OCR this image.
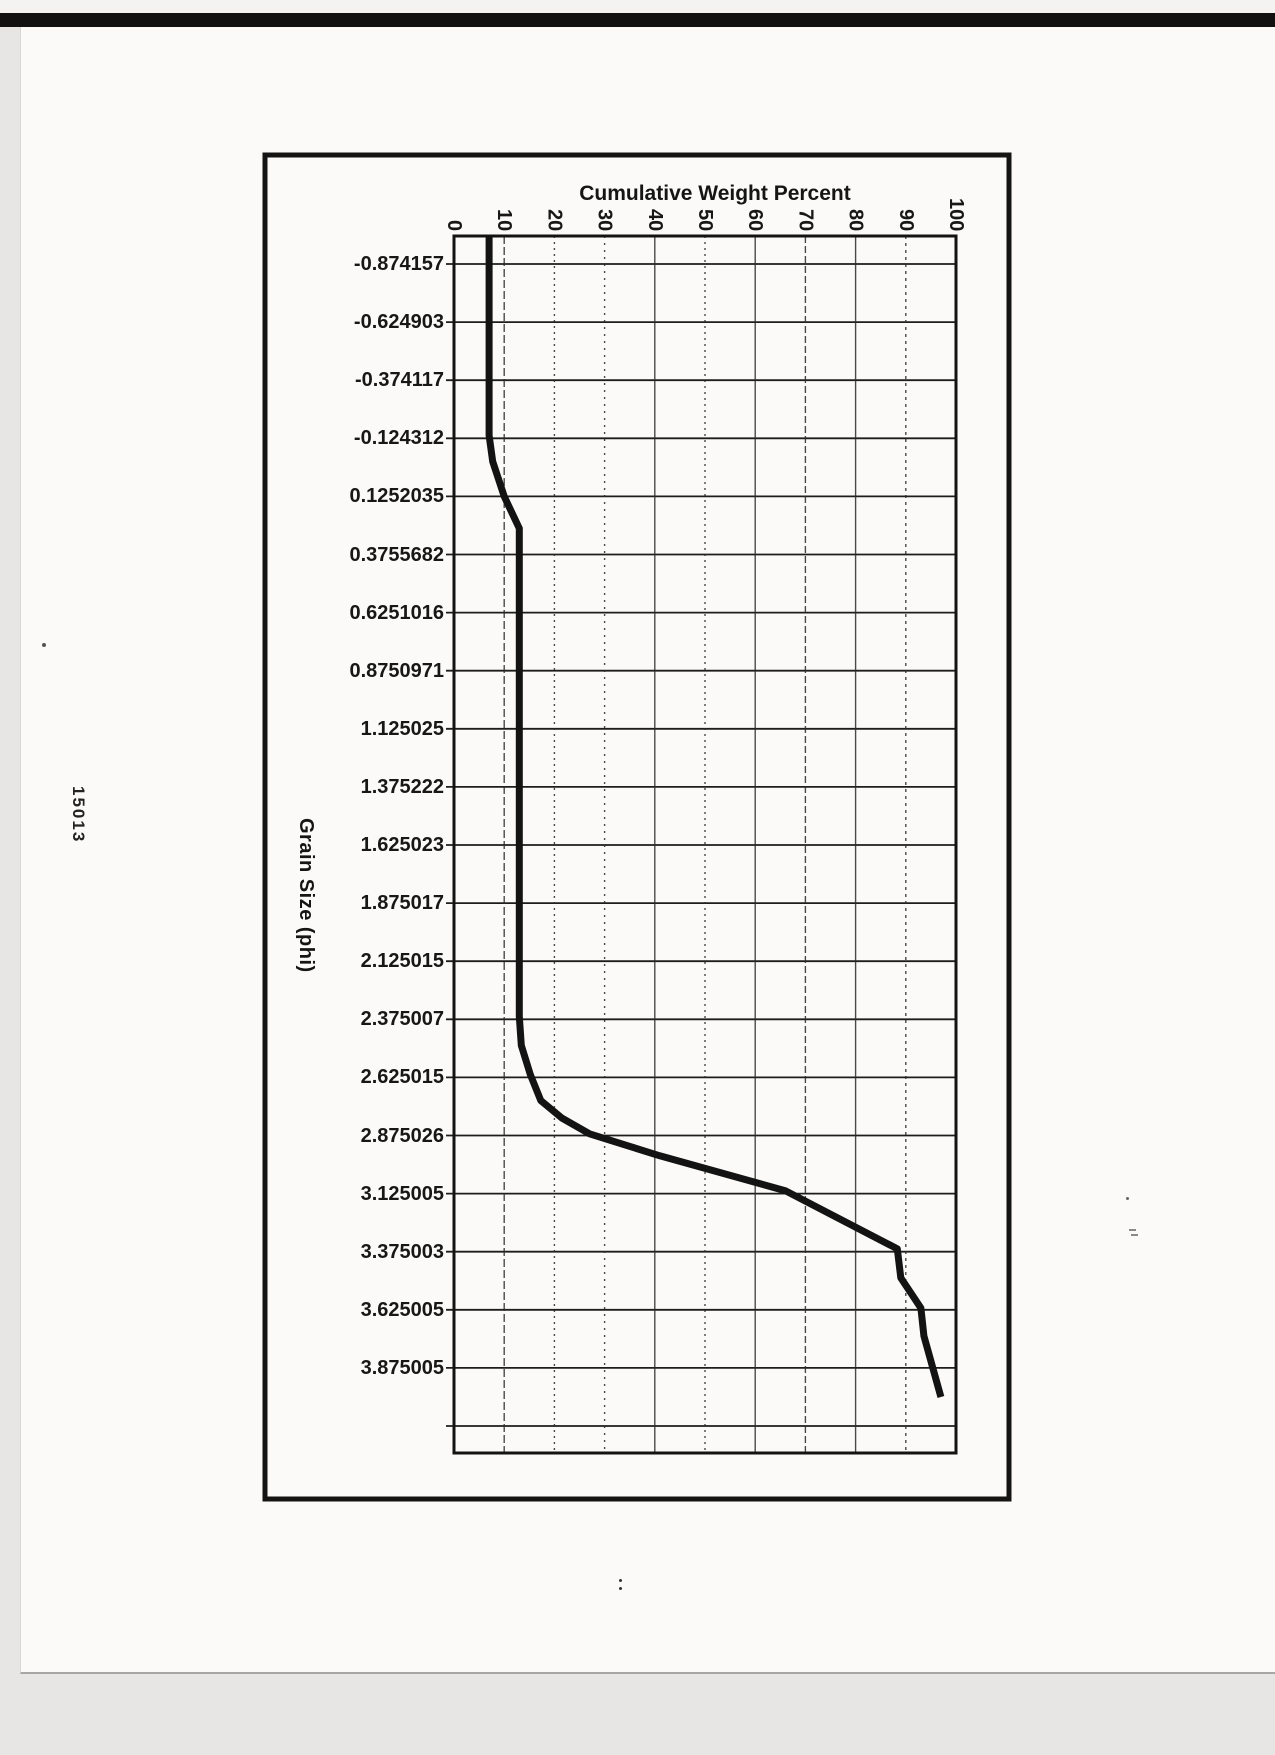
Cumulative Weight Percent
Grain Size (phi)
15013
-0.874157
-0.624903
-0.374117
-0.124312
0.1252035
0.3755682
0.6251016
0.8750971
1.125025
1.375222
1.625023
1.875017
2.125015
2.375007
2.625015
2.875026
3.125005
3.375003
3.625005
3.875005
0 10 20 30 40 50 60 70 80 90 100
